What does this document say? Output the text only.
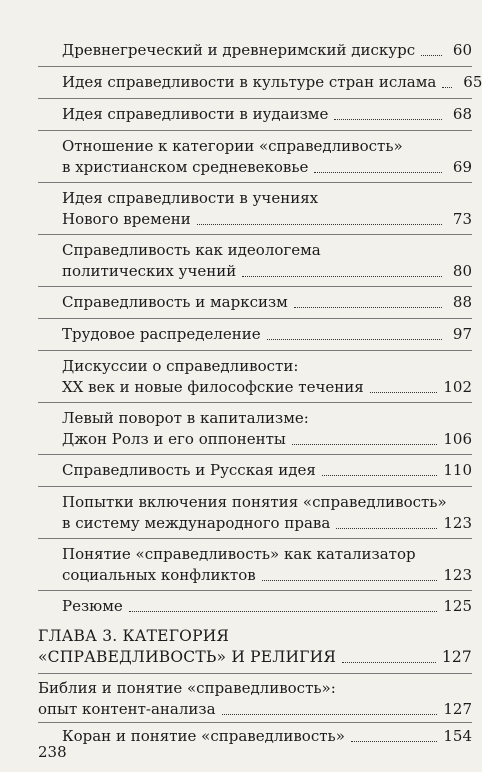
Древнегреческий и древнеримский дискурс	60
Идея справедливости в культуре стран ислама	65
Идея справедливости в иудаизме	68
Отношение к категории «справедливость»
в христианском средневековье	69
Идея справедливости в учениях
Нового времени	73
Справедливость как идеологема
политических учений	80
Справедливость и марксизм	88
Трудовое распределение	97
Дискуссии о справедливости:
XX век и новые философские течения	102
Левый поворот в капитализме:
Джон Ролз и его оппоненты	106
Справедливость и Русская идея	110
Попытки включения понятия «справедливость»
в систему международного права	123
Понятие «справедливость» как катализатор
социальных конфликтов	123
Резюме	125
ГЛАВА 3. КАТЕГОРИЯ
«СПРАВЕДЛИВОСТЬ» И РЕЛИГИЯ	127
Библия и понятие «справедливость»:
опыт контент-анализа	127
Коран и понятие «справедливость»	154
238
